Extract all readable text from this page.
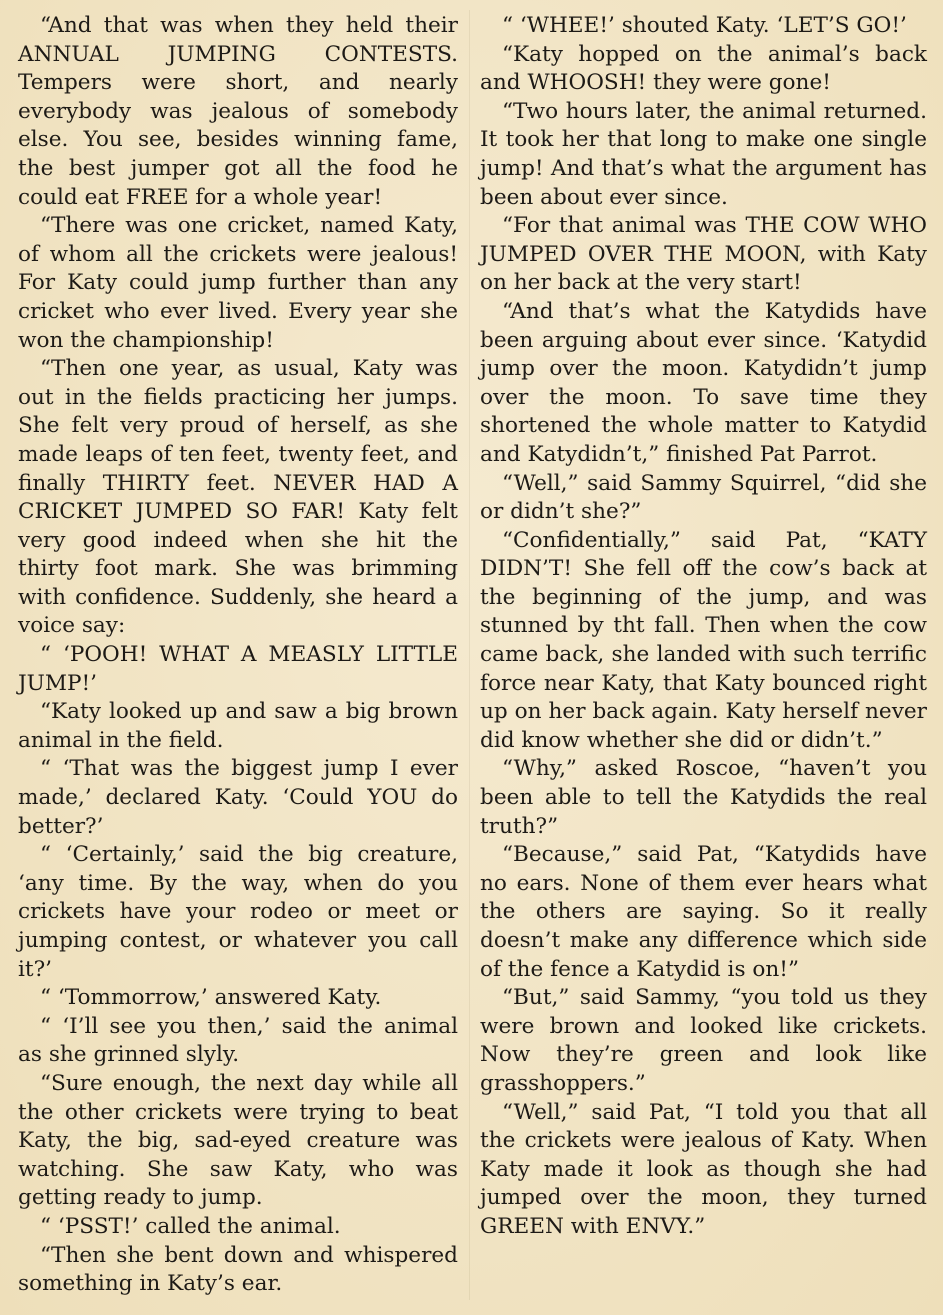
“And that was when they held their ANNUAL JUMPING CONTESTS. Tempers were short, and nearly everybody was jealous of somebody else. You see, besides winning fame, the best jumper got all the food he could eat FREE for a whole year!

“There was one cricket, named Katy, of whom all the crickets were jealous! For Katy could jump further than any cricket who ever lived. Every year she won the championship!

“Then one year, as usual, Katy was out in the fields practicing her jumps. She felt very proud of herself, as she made leaps of ten feet, twenty feet, and finally THIRTY feet. NEVER HAD A CRICKET JUMPED SO FAR! Katy felt very good indeed when she hit the thirty foot mark. She was brimming with confidence. Suddenly, she heard a voice say:

“ ‘POOH! WHAT A MEASLY LITTLE JUMP!’

“Katy looked up and saw a big brown animal in the field.

“ ‘That was the biggest jump I ever made,’ declared Katy. ‘Could YOU do better?’

“ ‘Certainly,’ said the big creature, ‘any time. By the way, when do you crickets have your rodeo or meet or jumping contest, or whatever you call it?’

“ ‘Tommorrow,’ answered Katy.

“ ‘I’ll see you then,’ said the animal as she grinned slyly.

“Sure enough, the next day while all the other crickets were trying to beat Katy, the big, sad-eyed creature was watching. She saw Katy, who was getting ready to jump.

“ ‘PSST!’ called the animal.

“Then she bent down and whispered something in Katy’s ear.

“ ‘WHEE!’ shouted Katy. ‘LET’S GO!’

“Katy hopped on the animal’s back and WHOOSH! they were gone!

“Two hours later, the animal returned. It took her that long to make one single jump! And that’s what the argument has been about ever since.

“For that animal was THE COW WHO JUMPED OVER THE MOON, with Katy on her back at the very start!

“And that’s what the Katydids have been arguing about ever since. ‘Katydid jump over the moon. Katydidn’t jump over the moon. To save time they shortened the whole matter to Katydid and Katydidn’t,” finished Pat Parrot.

“Well,” said Sammy Squirrel, “did she or didn’t she?”

“Confidentially,” said Pat, “KATY DIDN’T! She fell off the cow’s back at the beginning of the jump, and was stunned by tht fall. Then when the cow came back, she landed with such terrific force near Katy, that Katy bounced right up on her back again. Katy herself never did know whether she did or didn’t.”

“Why,” asked Roscoe, “haven’t you been able to tell the Katydids the real truth?”

“Because,” said Pat, “Katydids have no ears. None of them ever hears what the others are saying. So it really doesn’t make any difference which side of the fence a Katydid is on!”

“But,” said Sammy, “you told us they were brown and looked like crickets. Now they’re green and look like grasshoppers.”

“Well,” said Pat, “I told you that all the crickets were jealous of Katy. When Katy made it look as though she had jumped over the moon, they turned GREEN with ENVY.”
